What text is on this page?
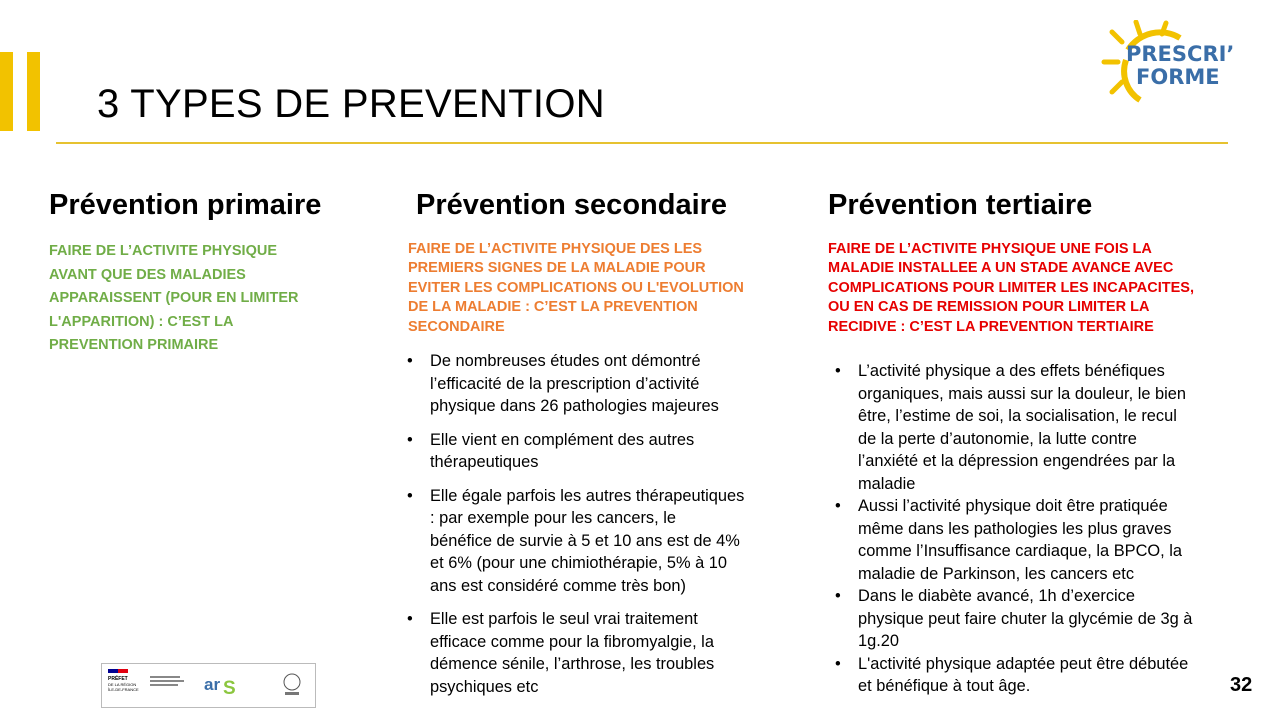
3 TYPES DE PREVENTION
PRESCRI’
FORME
Prévention primaire
FAIRE DE L’ACTIVITE PHYSIQUE
AVANT QUE DES MALADIES
APPARAISSENT (POUR EN LIMITER
L'APPARITION) : C’EST LA
PREVENTION PRIMAIRE
Prévention secondaire
FAIRE DE L’ACTIVITE PHYSIQUE DES LES
PREMIERS SIGNES DE LA MALADIE POUR
EVITER LES COMPLICATIONS OU L'EVOLUTION
DE LA MALADIE : C’EST LA PREVENTION
SECONDAIRE
• De nombreuses études ont démontré
l’efficacité de la prescription d’activité
physique dans 26 pathologies majeures
• Elle vient en complément des autres
thérapeutiques
• Elle égale parfois les autres thérapeutiques
: par exemple pour les cancers, le
bénéfice de survie à 5 et 10 ans est de 4%
et 6% (pour une chimiothérapie, 5% à 10
ans est considéré comme très bon)
• Elle est parfois le seul vrai traitement
efficace comme pour la fibromyalgie, la
démence sénile, l’arthrose, les troubles
psychiques etc
Prévention tertiaire
FAIRE DE L’ACTIVITE PHYSIQUE UNE FOIS LA
MALADIE INSTALLEE A UN STADE AVANCE AVEC
COMPLICATIONS POUR LIMITER LES INCAPACITES,
OU EN CAS DE REMISSION POUR LIMITER LA
RECIDIVE : C’EST LA PREVENTION TERTIAIRE
• L’activité physique a des effets bénéfiques
organiques, mais aussi sur la douleur, le bien
être, l’estime de soi, la socialisation, le recul
de la perte d’autonomie, la lutte contre
l’anxiété et la dépression engendrées par la
maladie
• Aussi l’activité physique doit être pratiquée
même dans les pathologies les plus graves
comme l’Insuffisance cardiaque, la BPCO, la
maladie de Parkinson, les cancers etc
• Dans le diabète avancé, 1h d’exercice
physique peut faire chuter la glycémie de 3g à
1g.20
• L'activité physique adaptée peut être débutée
et bénéfique à tout âge.
PRÉFET
DE LA RÉGION
ÎLE-DE-FRANCE	ar S	32
